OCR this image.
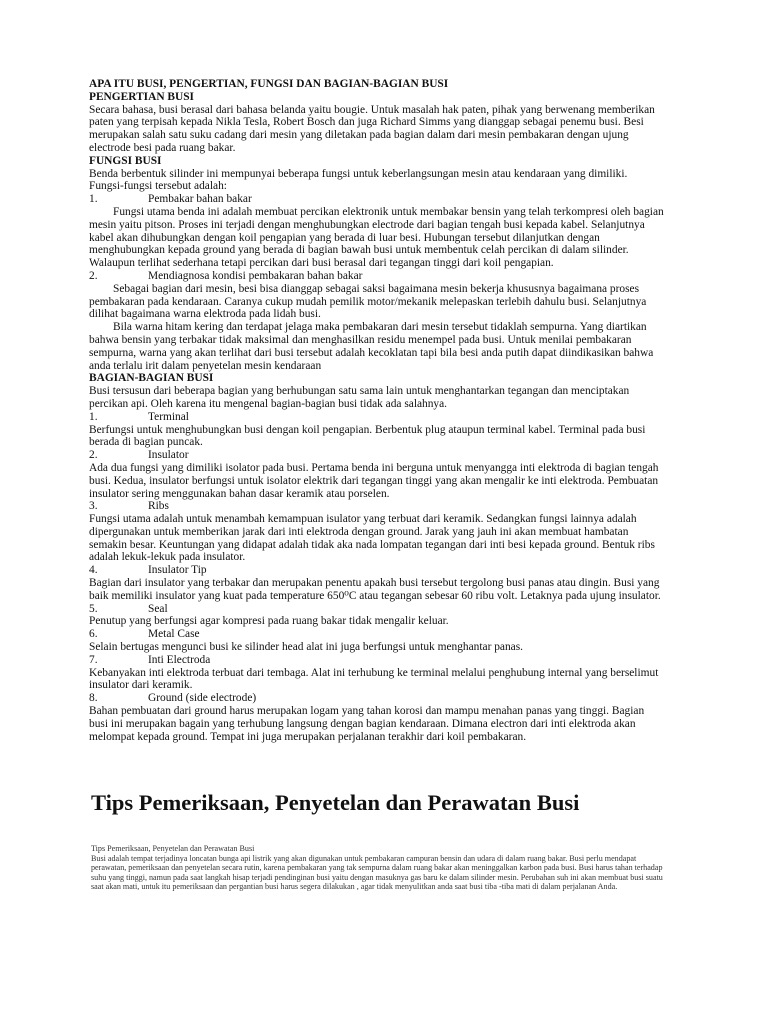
APA ITU BUSI, PENGERTIAN, FUNGSI DAN BAGIAN-BAGIAN BUSI

PENGERTIAN BUSI

Secara bahasa, busi berasal dari bahasa belanda yaitu bougie. Untuk masalah hak paten, pihak yang berwenang memberikan paten yang terpisah kepada Nikla Tesla, Robert Bosch dan juga Richard Simms yang dianggap sebagai penemu busi. Besi merupakan salah satu suku cadang dari mesin yang diletakan pada bagian dalam dari mesin pembakaran dengan ujung electrode besi pada ruang bakar.

FUNGSI BUSI

Benda berbentuk silinder ini mempunyai beberapa fungsi untuk keberlangsungan mesin atau kendaraan yang dimiliki. Fungsi-fungsi tersebut adalah:

1.	Pembakar bahan bakar

Fungsi utama benda ini adalah membuat percikan elektronik untuk membakar bensin yang telah terkompresi oleh bagian mesin yaitu pitson. Proses ini terjadi dengan menghubungkan electrode dari bagian tengah busi kepada kabel. Selanjutnya kabel akan dihubungkan dengan koil pengapian yang berada di luar besi. Hubungan tersebut dilanjutkan dengan menghubungkan kepada ground yang berada di bagian bawah busi untuk membentuk celah percikan di dalam silinder. Walaupun terlihat sederhana tetapi percikan dari busi berasal dari tegangan tinggi dari koil pengapian.

2.	Mendiagnosa kondisi pembakaran bahan bakar

Sebagai bagian dari mesin, besi bisa dianggap sebagai saksi bagaimana mesin bekerja khususnya bagaimana proses pembakaran pada kendaraan. Caranya cukup mudah pemilik motor/mekanik melepaskan terlebih dahulu busi. Selanjutnya dilihat bagaimana warna elektroda pada lidah busi.

Bila warna hitam kering dan terdapat jelaga maka pembakaran dari mesin tersebut tidaklah sempurna. Yang diartikan bahwa bensin yang terbakar tidak maksimal dan menghasilkan residu menempel pada busi. Untuk menilai pembakaran sempurna, warna yang akan terlihat dari busi tersebut adalah kecoklatan tapi bila besi anda putih dapat diindikasikan bahwa anda terlalu irit dalam penyetelan mesin kendaraan

BAGIAN-BAGIAN BUSI

Busi tersusun dari beberapa bagian yang berhubungan satu sama lain untuk menghantarkan tegangan dan menciptakan percikan api. Oleh karena itu mengenal bagian-bagian busi tidak ada salahnya.

1.	Terminal

Berfungsi untuk menghubungkan busi dengan koil pengapian. Berbentuk plug ataupun terminal kabel. Terminal pada busi berada di bagian puncak.

2.	Insulator

Ada dua fungsi yang dimiliki isolator pada busi. Pertama benda ini berguna untuk menyangga inti elektroda di bagian tengah busi. Kedua, insulator berfungsi untuk isolator elektrik dari tegangan tinggi yang akan mengalir ke inti elektroda. Pembuatan insulator sering menggunakan bahan dasar keramik atau porselen.

3.	Ribs

Fungsi utama adalah untuk menambah kemampuan isulator yang terbuat dari keramik. Sedangkan fungsi lainnya adalah dipergunakan untuk memberikan jarak dari inti elektroda dengan ground. Jarak yang jauh ini akan membuat hambatan semakin besar. Keuntungan yang didapat adalah tidak aka nada lompatan tegangan dari inti besi kepada ground. Bentuk ribs adalah lekuk-lekuk pada insulator.

4.	Insulator Tip

Bagian dari insulator yang terbakar dan merupakan penentu apakah busi tersebut tergolong busi panas atau dingin. Busi yang baik memiliki insulator yang kuat pada temperature 650⁰C atau tegangan sebesar 60 ribu volt. Letaknya pada ujung insulator.

5.	Seal

Penutup yang berfungsi agar kompresi pada ruang bakar tidak mengalir keluar.

6.	Metal Case

Selain bertugas mengunci busi ke silinder head alat ini juga berfungsi untuk menghantar panas.

7.	Inti Electroda

Kebanyakan inti elektroda terbuat dari tembaga. Alat ini terhubung ke terminal melalui penghubung internal yang berselimut insulator dari keramik.

8.	Ground (side electrode)

Bahan pembuatan dari ground harus merupakan logam yang tahan korosi dan mampu menahan panas yang tinggi. Bagian busi ini merupakan bagain yang terhubung langsung dengan bagian kendaraan. Dimana electron dari inti elektroda akan melompat kepada ground. Tempat ini juga merupakan perjalanan terakhir dari koil pembakaran.

Tips Pemeriksaan, Penyetelan dan Perawatan Busi

Tips Pemeriksaan, Penyetelan dan Perawatan Busi

Busi adalah tempat terjadinya loncatan bunga api listrik yang akan digunakan untuk pembakaran campuran bensin dan udara di dalam ruang bakar. Busi perlu mendapat perawatan, pemeriksaan dan penyetelan secara rutin, karena pembakaran yang tak sempurna dalam ruang bakar akan meninggalkan karbon pada busi. Busi harus tahan terhadap suhu yang tinggi, namun pada saat langkah hisap terjadi pendinginan busi yaitu dengan masuknya gas baru ke dalam silinder mesin. Perubahan suh ini akan membuat busi suatu saat akan mati, untuk itu pemeriksaan dan pergantian busi harus segera dilakukan , agar tidak menyulitkan anda saat busi tiba -tiba mati di dalam perjalanan Anda.
